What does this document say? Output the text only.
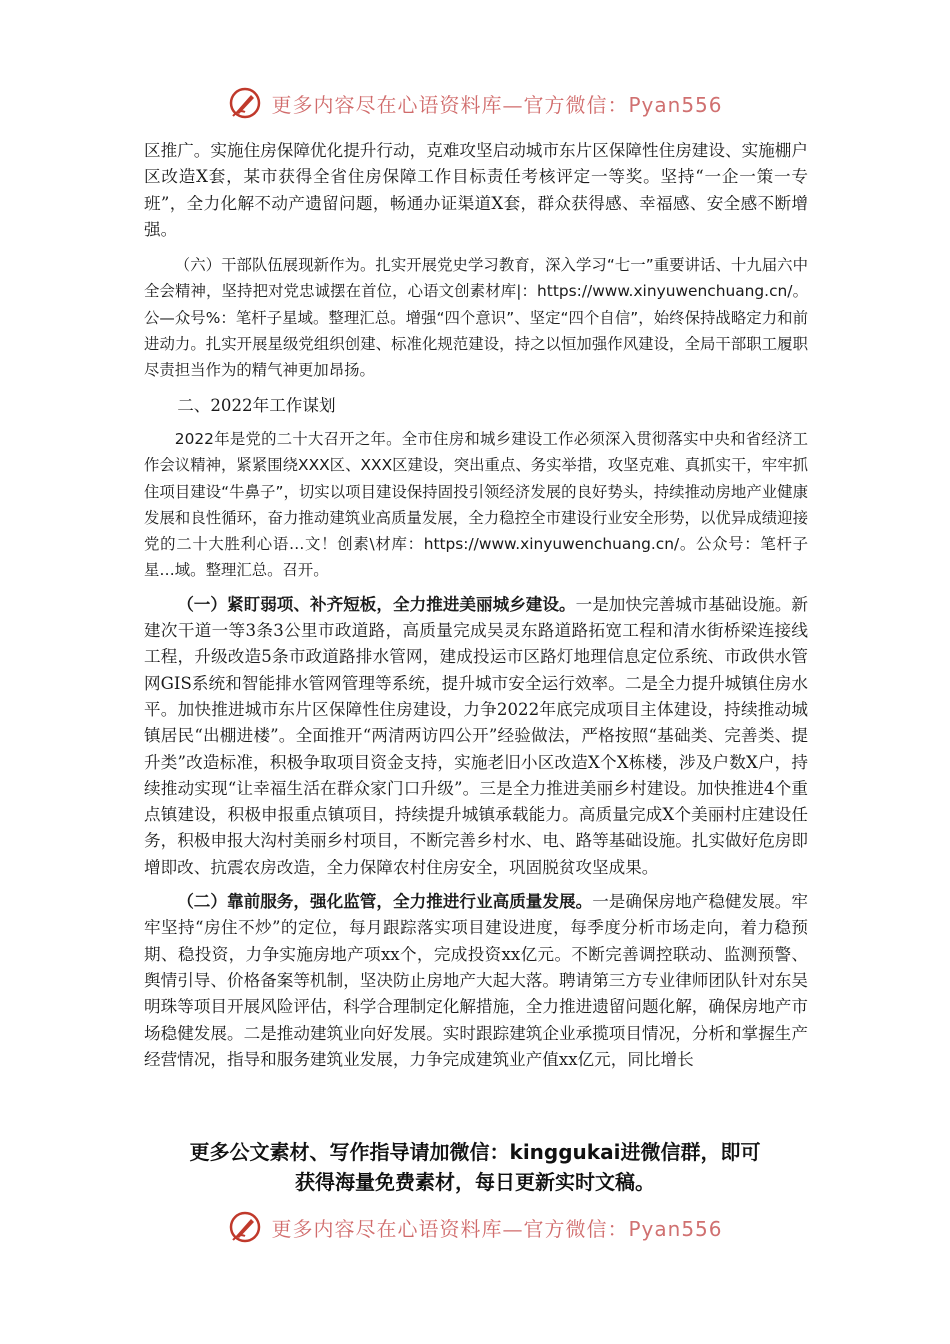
更多内容尽在心语资料库—官方微信：Pyan556

区推广。实施住房保障优化提升行动，克难攻坚启动城市东片区保障性住房建设、实施棚户区改造X套，某市获得全省住房保障工作目标责任考核评定一等奖。坚持“一企一策一专班”，全力化解不动产遗留问题，畅通办证渠道X套，群众获得感、幸福感、安全感不断增强。

（六）干部队伍展现新作为。扎实开展党史学习教育，深入学习“七一”重要讲话、十九届六中全会精神，坚持把对党忠诚摆在首位，心语文创素材库|：https://www.xinyuwenchuang.cn/。公—众号%：笔杆子星域。整理汇总。增强“四个意识”、坚定“四个自信”，始终保持战略定力和前进动力。扎实开展星级党组织创建、标准化规范建设，持之以恒加强作风建设，全局干部职工履职尽责担当作为的精气神更加昂扬。

二、2022年工作谋划

2022年是党的二十大召开之年。全市住房和城乡建设工作必须深入贯彻落实中央和省经济工作会议精神，紧紧围绕XXX区、XXX区建设，突出重点、务实举措，攻坚克难、真抓实干，牢牢抓住项目建设“牛鼻子”，切实以项目建设保持固投引领经济发展的良好势头，持续推动房地产业健康发展和良性循环，奋力推动建筑业高质量发展，全力稳控全市建设行业安全形势，以优异成绩迎接党的二十大胜利心语…文！创素\材库：https://www.xinyuwenchuang.cn/。公众号：笔杆子星…域。整理汇总。召开。

（一）紧盯弱项、补齐短板，全力推进美丽城乡建设。一是加快完善城市基础设施。新建次干道一等3条3公里市政道路，高质量完成吴灵东路道路拓宽工程和清水街桥梁连接线工程，升级改造5条市政道路排水管网，建成投运市区路灯地理信息定位系统、市政供水管网GIS系统和智能排水管网管理等系统，提升城市安全运行效率。二是全力提升城镇住房水平。加快推进城市东片区保障性住房建设，力争2022年底完成项目主体建设，持续推动城镇居民“出棚进楼”。全面推开“两清两访四公开”经验做法，严格按照“基础类、完善类、提升类”改造标准，积极争取项目资金支持，实施老旧小区改造X个X栋楼，涉及户数X户，持续推动实现“让幸福生活在群众家门口升级”。三是全力推进美丽乡村建设。加快推进4个重点镇建设，积极申报重点镇项目，持续提升城镇承载能力。高质量完成X个美丽村庄建设任务，积极申报大沟村美丽乡村项目，不断完善乡村水、电、路等基础设施。扎实做好危房即增即改、抗震农房改造，全力保障农村住房安全，巩固脱贫攻坚成果。

（二）靠前服务，强化监管，全力推进行业高质量发展。一是确保房地产稳健发展。牢牢坚持“房住不炒”的定位，每月跟踪落实项目建设进度，每季度分析市场走向，着力稳预期、稳投资，力争实施房地产项xx个，完成投资xx亿元。不断完善调控联动、监测预警、舆情引导、价格备案等机制，坚决防止房地产大起大落。聘请第三方专业律师团队针对东吴明珠等项目开展风险评估，科学合理制定化解措施，全力推进遗留问题化解，确保房地产市场稳健发展。二是推动建筑业向好发展。实时跟踪建筑企业承揽项目情况，分析和掌握生产经营情况，指导和服务建筑业发展，力争完成建筑业产值xx亿元，同比增长

更多公文素材、写作指导请加微信：kinggukai进微信群，即可
获得海量免费素材，每日更新实时文稿。
更多内容尽在心语资料库—官方微信：Pyan556
